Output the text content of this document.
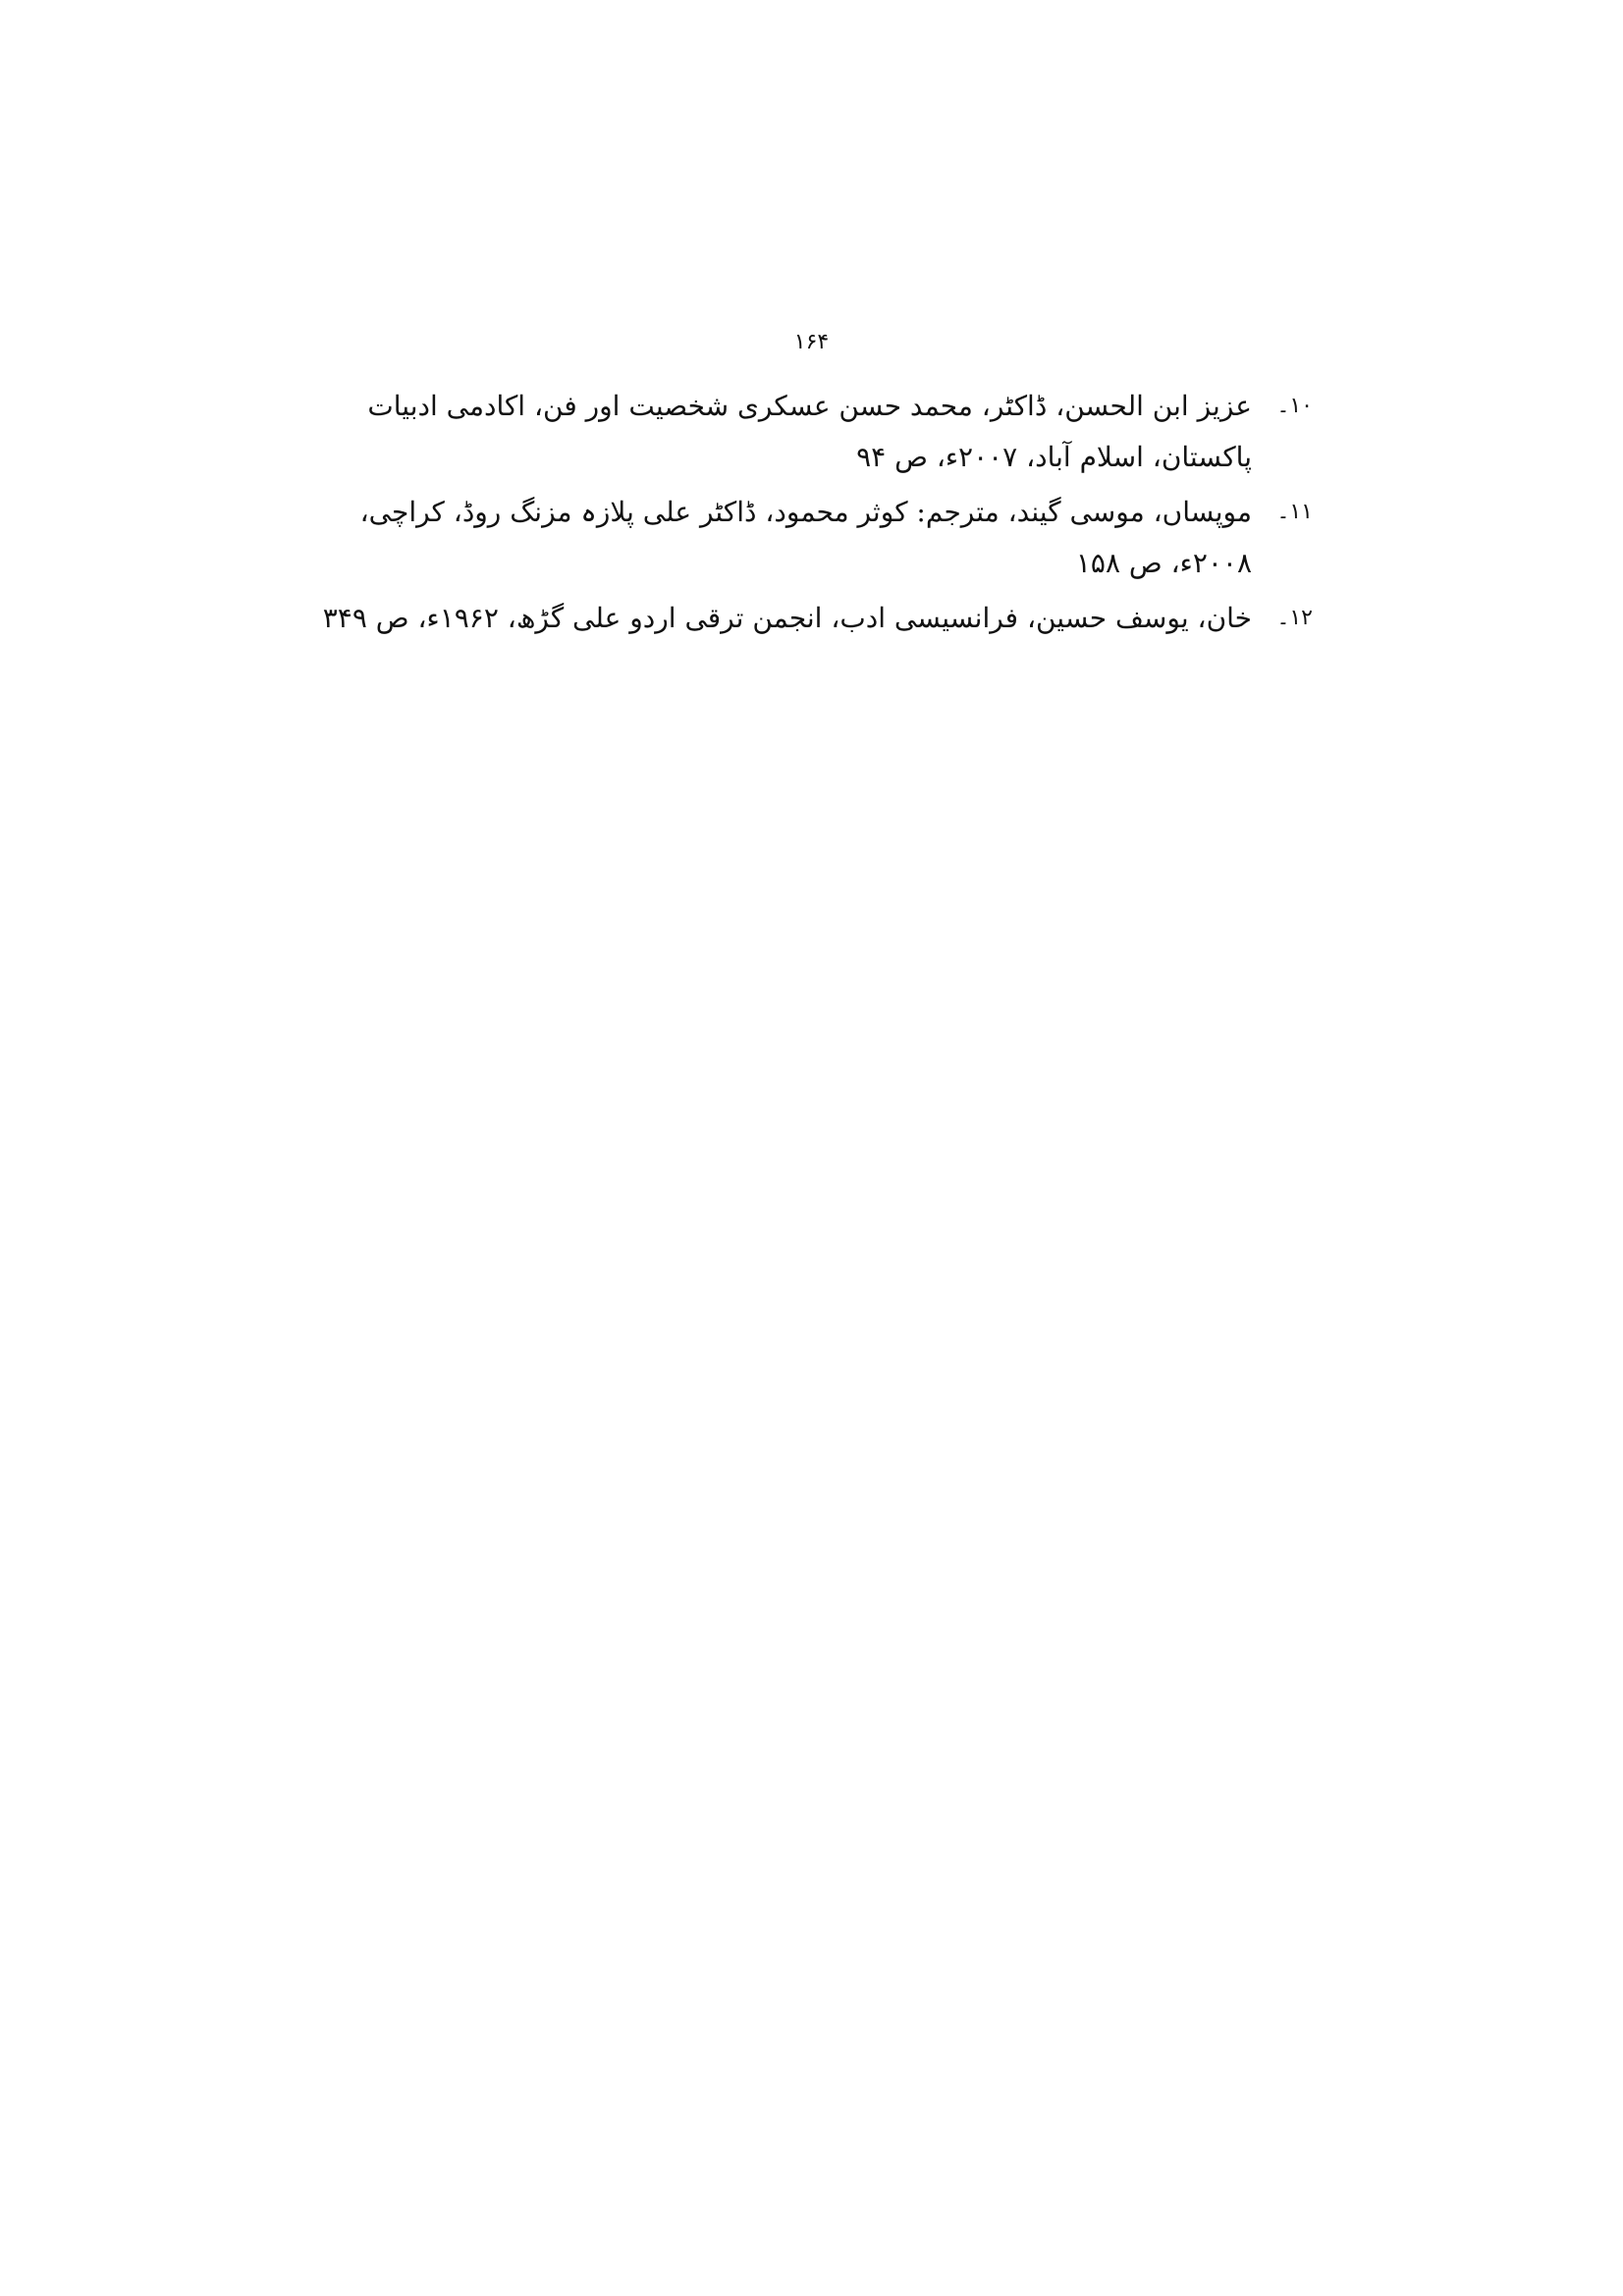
۱۶۴
۱۰۔
عزیز ابن الحسن، ڈاکٹر، محمد حسن عسکری شخصیت اور فن، اکادمی ادبیات پاکستان، اسلام آباد، ۲۰۰۷ء، ص ۹۴
۱۱۔
موپساں، موسی گیند، مترجم: کوثر محمود، ڈاکٹر علی پلازہ مزنگ روڈ، کراچی، ۲۰۰۸ء، ص ۱۵۸
۱۲۔
خان، یوسف حسین، فرانسیسی ادب، انجمن ترقی اردو علی گڑھ، ۱۹۶۲ء، ص ۳۴۹
